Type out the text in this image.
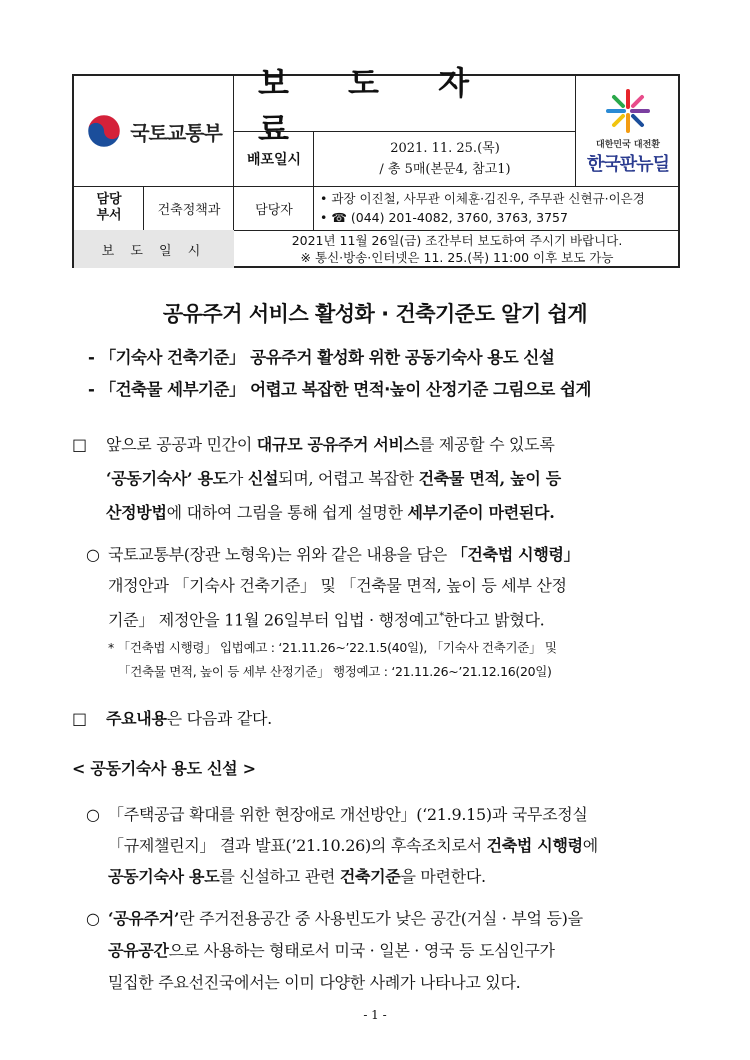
국토교통부
보 도 자 료
배포일시
2021. 11. 25.(목)
/ 총 5매(본문4, 참고1)
대한민국 대전환
한국판뉴딜
담당
부서	건축정책과	담당자
• 과장 이진철, 사무관 이체훈·김진우, 주무관 신현규·이은경
• ☎ (044) 201-4082, 3760, 3763, 3757
보 도 일 시
2021년 11월 26일(금) 조간부터 보도하여 주시기 바랍니다.
※ 통신·방송·인터넷은 11. 25.(목) 11:00 이후 보도 가능
공유주거 서비스 활성화 · 건축기준도 알기 쉽게
- 「기숙사 건축기준」 공유주거 활성화 위한 공동기숙사 용도 신설
- 「건축물 세부기준」 어렵고 복잡한 면적·높이 산정기준 그림으로 쉽게
□ 앞으로 공공과 민간이 대규모 공유주거 서비스를 제공할 수 있도록
‘공동기숙사’ 용도가 신설되며, 어렵고 복잡한 건축물 면적, 높이 등
산정방법에 대하여 그림을 통해 쉽게 설명한 세부기준이 마련된다.
○ 국토교통부(장관 노형욱)는 위와 같은 내용을 담은 「건축법 시행령」
개정안과 「기숙사 건축기준」 및 「건축물 면적, 높이 등 세부 산정
기준」 제정안을 11월 26일부터 입법 · 행정예고*한다고 밝혔다.
* 「건축법 시행령」 입법예고 : ‘21.11.26~’22.1.5(40일), 「기숙사 건축기준」 및
「건축물 면적, 높이 등 세부 산정기준」 행정예고 : ‘21.11.26~’21.12.16(20일)
□ 주요내용은 다음과 같다.
< 공동기숙사 용도 신설 >
○ 「주택공급 확대를 위한 현장애로 개선방안」(‘21.9.15)과 국무조정실
「규제챌린지」 결과 발표(’21.10.26)의 후속조치로서 건축법 시행령에
공동기숙사 용도를 신설하고 관련 건축기준을 마련한다.
○ ‘공유주거’란 주거전용공간 중 사용빈도가 낮은 공간(거실 · 부엌 등)을
공유공간으로 사용하는 형태로서 미국 · 일본 · 영국 등 도심인구가
밀집한 주요선진국에서는 이미 다양한 사례가 나타나고 있다.
- 1 -
